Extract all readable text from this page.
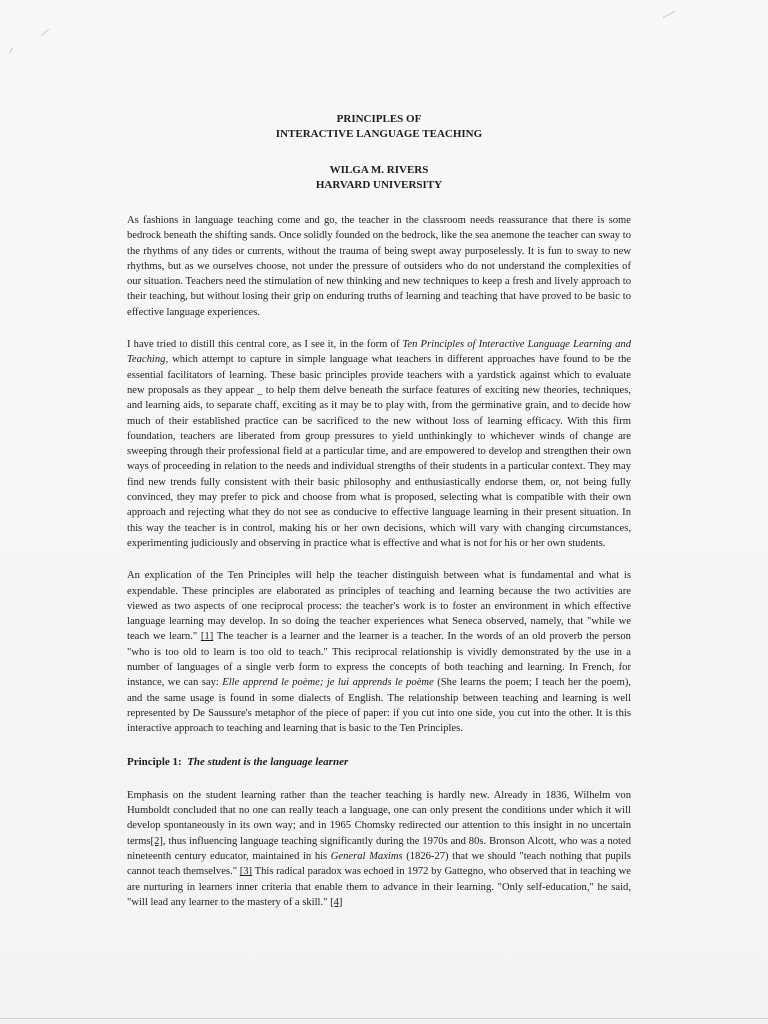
PRINCIPLES OF
INTERACTIVE LANGUAGE TEACHING
WILGA M. RIVERS
HARVARD UNIVERSITY

As fashions in language teaching come and go, the teacher in the classroom needs reassurance that there is some bedrock beneath the shifting sands. Once solidly founded on the bedrock, like the sea anemone the teacher can sway to the rhythms of any tides or currents, without the trauma of being swept away purposelessly. It is fun to sway to new rhythms, but as we ourselves choose, not under the pressure of outsiders who do not understand the complexities of our situation. Teachers need the stimulation of new thinking and new techniques to keep a fresh and lively approach to their teaching, but without losing their grip on enduring truths of learning and teaching that have proved to be basic to effective language experiences.

I have tried to distill this central core, as I see it, in the form of Ten Principles of Interactive Language Learning and Teaching, which attempt to capture in simple language what teachers in different approaches have found to be the essential facilitators of learning. These basic principles provide teachers with a yardstick against which to evaluate new proposals as they appear _ to help them delve beneath the surface features of exciting new theories, techniques, and learning aids, to separate chaff, exciting as it may be to play with, from the germinative grain, and to decide how much of their established practice can be sacrificed to the new without loss of learning efficacy. With this firm foundation, teachers are liberated from group pressures to yield unthinkingly to whichever winds of change are sweeping through their professional field at a particular time, and are empowered to develop and strengthen their own ways of proceeding in relation to the needs and individual strengths of their students in a particular context. They may find new trends fully consistent with their basic philosophy and enthusiastically endorse them, or, not being fully convinced, they may prefer to pick and choose from what is proposed, selecting what is compatible with their own approach and rejecting what they do not see as conducive to effective language learning in their present situation. In this way the teacher is in control, making his or her own decisions, which will vary with changing circumstances, experimenting judiciously and observing in practice what is effective and what is not for his or her own students.

An explication of the Ten Principles will help the teacher distinguish between what is fundamental and what is expendable. These principles are elaborated as principles of teaching and learning because the two activities are viewed as two aspects of one reciprocal process: the teacher's work is to foster an environment in which effective language learning may develop. In so doing the teacher experiences what Seneca observed, namely, that "while we teach we learn." [1] The teacher is a learner and the learner is a teacher. In the words of an old proverb the person "who is too old to learn is too old to teach." This reciprocal relationship is vividly demonstrated by the use in a number of languages of a single verb form to express the concepts of both teaching and learning. In French, for instance, we can say: Elle apprend le poème; je lui apprends le poème (She learns the poem; I teach her the poem), and the same usage is found in some dialects of English. The relationship between teaching and learning is well represented by De Saussure's metaphor of the piece of paper: if you cut into one side, you cut into the other. It is this interactive approach to teaching and learning that is basic to the Ten Principles.

Principle 1: The student is the language learner

Emphasis on the student learning rather than the teacher teaching is hardly new. Already in 1836, Wilhelm von Humboldt concluded that no one can really teach a language, one can only present the conditions under which it will develop spontaneously in its own way; and in 1965 Chomsky redirected our attention to this insight in no uncertain terms[2], thus influencing language teaching significantly during the 1970s and 80s. Bronson Alcott, who was a noted nineteenth century educator, maintained in his General Maxims (1826-27) that we should "teach nothing that pupils cannot teach themselves." [3] This radical paradox was echoed in 1972 by Gattegno, who observed that in teaching we are nurturing in learners inner criteria that enable them to advance in their learning. "Only self-education," he said, "will lead any learner to the mastery of a skill." [4]
